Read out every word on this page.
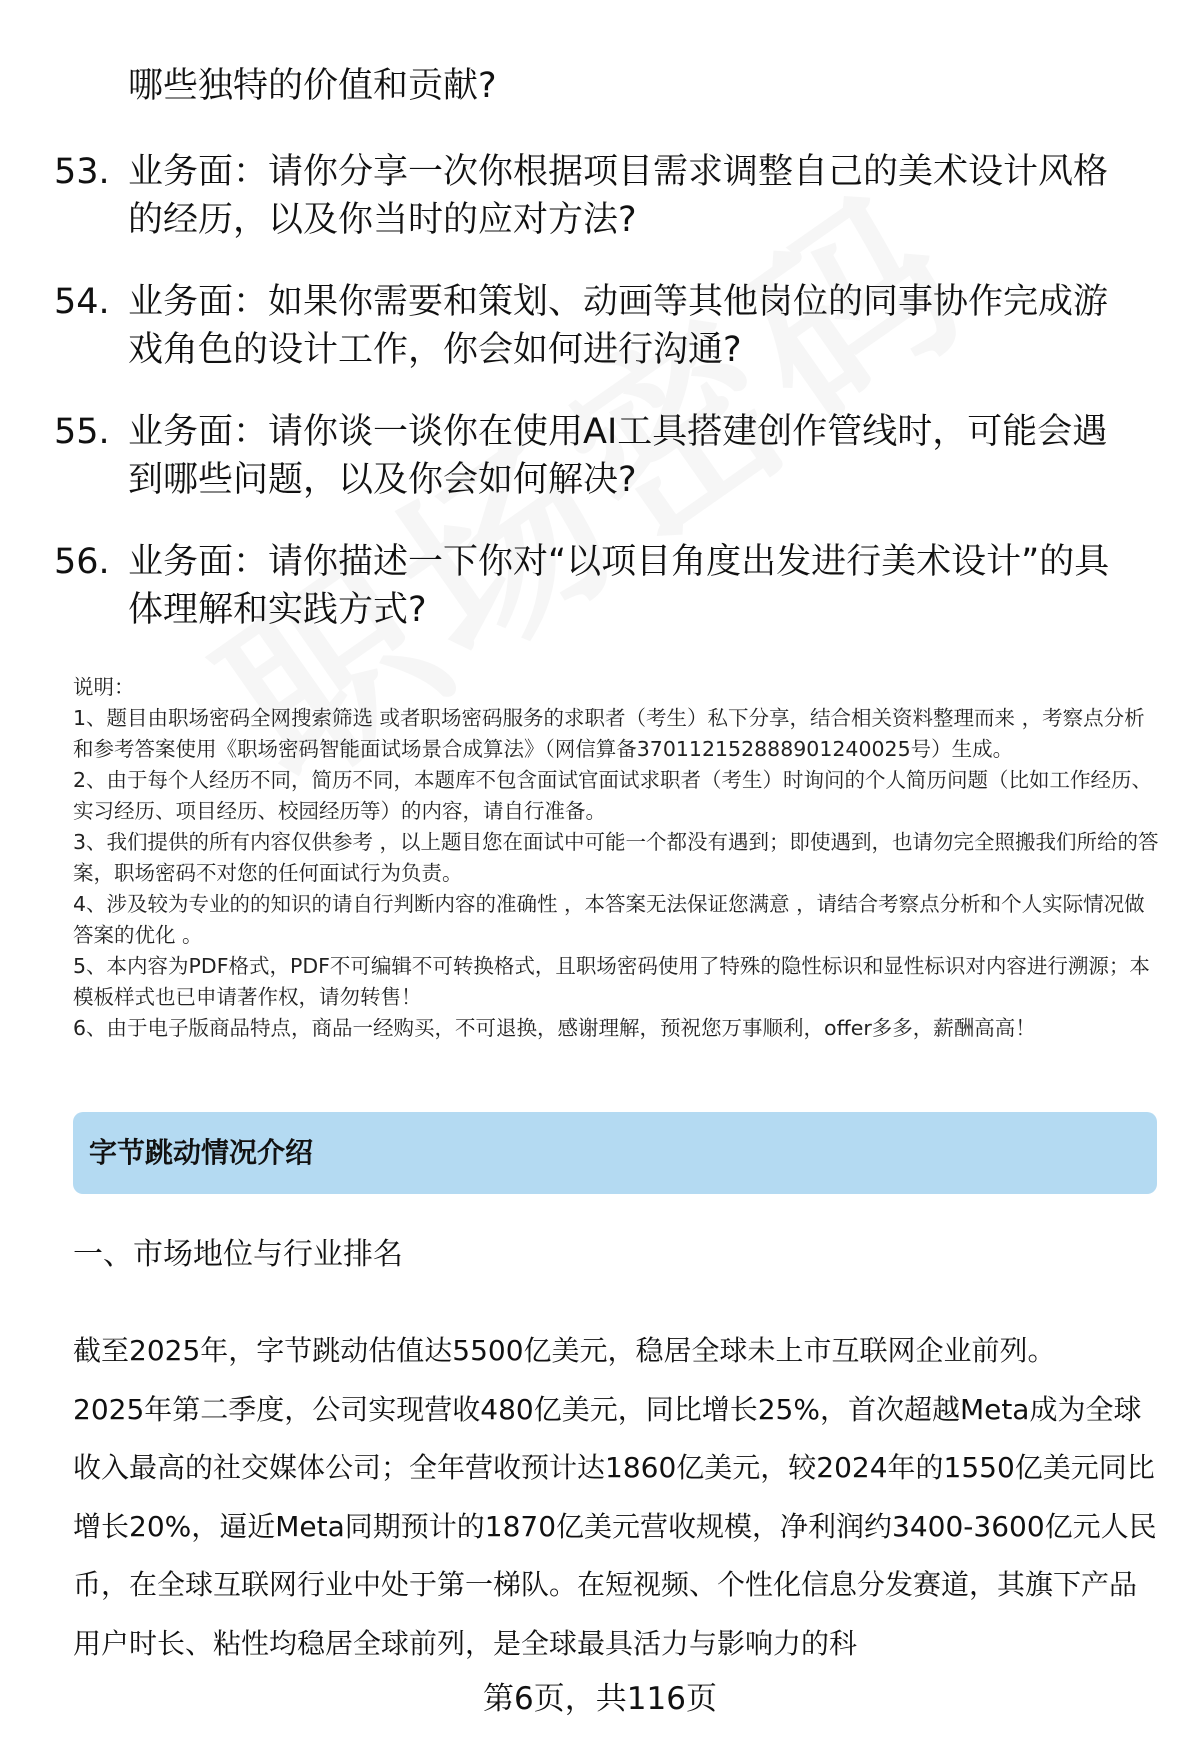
哪些独特的价值和贡献?
53. 业务面：请你分享一次你根据项目需求调整自己的美术设计风格的经历，以及你当时的应对方法?
54. 业务面：如果你需要和策划、动画等其他岗位的同事协作完成游戏角色的设计工作，你会如何进行沟通?
55. 业务面：请你谈一谈你在使用AI工具搭建创作管线时，可能会遇到哪些问题，以及你会如何解决?
56. 业务面：请你描述一下你对“以项目角度出发进行美术设计”的具体理解和实践方式?

说明：

1、题目由职场密码全网搜索筛选 或者职场密码服务的求职者（考生）私下分享，结合相关资料整理而来 ，考察点分析和参考答案使用《职场密码智能面试场景合成算法》（网信算备370112152888901240025号）生成。

2、由于每个人经历不同，简历不同，本题库不包含面试官面试求职者（考生）时询问的个人简历问题（比如工作经历、实习经历、项目经历、校园经历等）的内容，请自行准备。

3、我们提供的所有内容仅供参考 ，以上题目您在面试中可能一个都没有遇到；即使遇到，也请勿完全照搬我们所给的答案，职场密码不对您的任何面试行为负责。

4、涉及较为专业的的知识的请自行判断内容的准确性 ，本答案无法保证您满意 ，请结合考察点分析和个人实际情况做答案的优化 。

5、本内容为PDF格式，PDF不可编辑不可转换格式，且职场密码使用了特殊的隐性标识和显性标识对内容进行溯源；本模板样式也已申请著作权，请勿转售！

6、由于电子版商品特点，商品一经购买，不可退换，感谢理解，预祝您万事顺利，offer多多，薪酬高高！

字节跳动情况介绍
一、市场地位与行业排名

截至2025年，字节跳动估值达5500亿美元，稳居全球未上市互联网企业前列。

2025年第二季度，公司实现营收480亿美元，同比增长25%，首次超越Meta成为全球收入最高的社交媒体公司；全年营收预计达1860亿美元，较2024年的1550亿美元同比增长20%，逼近Meta同期预计的1870亿美元营收规模，净利润约3400-3600亿元人民币，在全球互联网行业中处于第一梯队。在短视频、个性化信息分发赛道，其旗下产品用户时长、粘性均稳居全球前列，是全球最具活力与影响力的科

第6页，共116页
